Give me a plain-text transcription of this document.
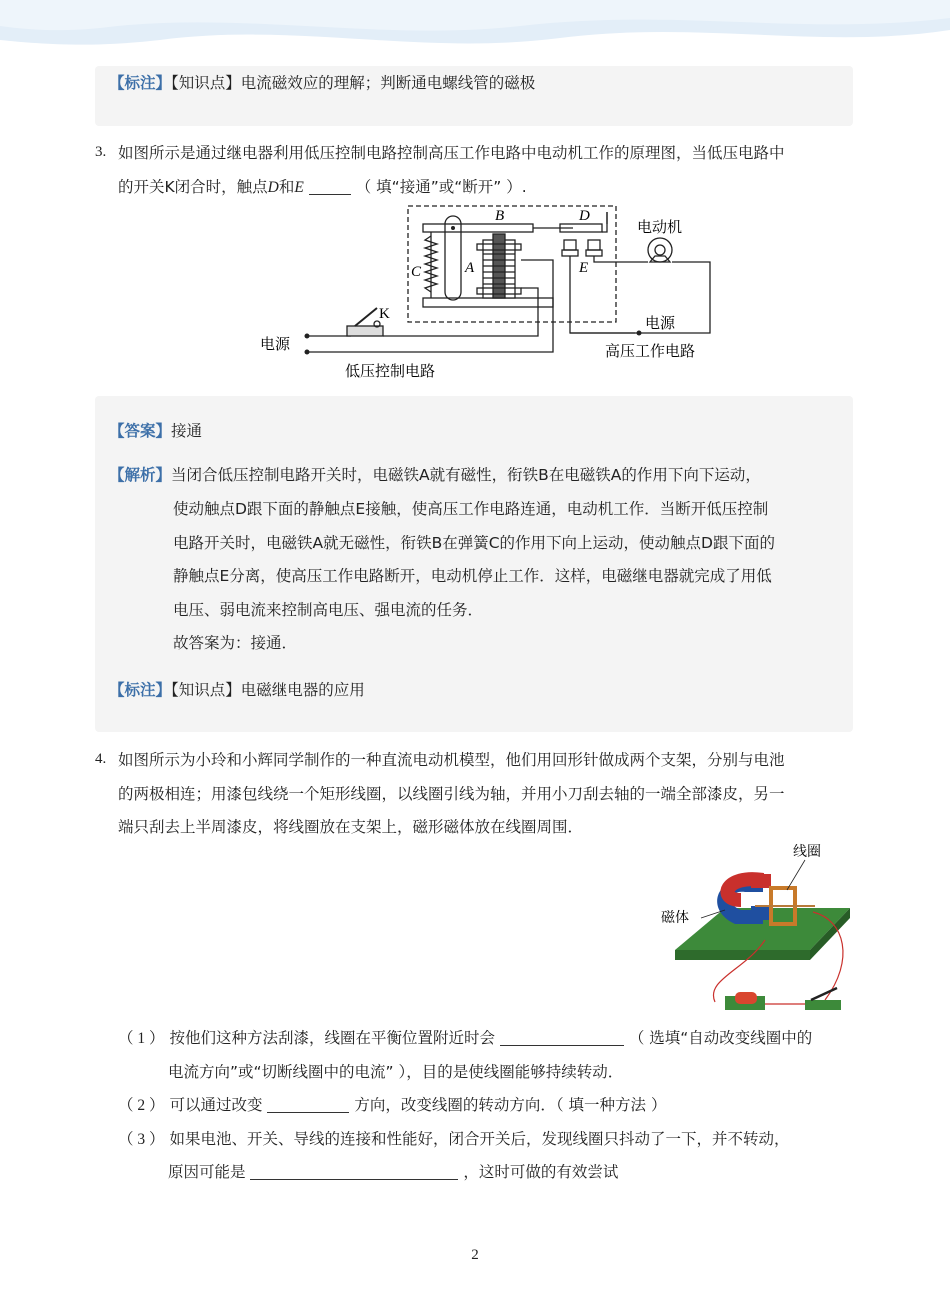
【标注】【知识点】电流磁效应的理解；判断通电螺线管的磁极
3. 如图所示是通过继电器利用低压控制电路控制高压工作电路中电动机工作的原理图，当低压电路中
的开关K闭合时，触点D和E	（ 填“接通”或“断开” ）.
B	D
C	A	E
K
电动机
电源
电源
高压工作电路
低压控制电路
【答案】接通
【解析】当闭合低压控制电路开关时，电磁铁A就有磁性，衔铁B在电磁铁A的作用下向下运动，
使动触点D跟下面的静触点E接触，使高压工作电路连通，电动机工作．当断开低压控制
电路开关时，电磁铁A就无磁性，衔铁B在弹簧C的作用下向上运动，使动触点D跟下面的
静触点E分离，使高压工作电路断开，电动机停止工作．这样，电磁继电器就完成了用低
电压、弱电流来控制高电压、强电流的任务．
故答案为：接通．
【标注】【知识点】电磁继电器的应用
4. 如图所示为小玲和小辉同学制作的一种直流电动机模型，他们用回形针做成两个支架，分别与电池
的两极相连；用漆包线绕一个矩形线圈，以线圈引线为轴，并用小刀刮去轴的一端全部漆皮，另一
端只刮去上半周漆皮，将线圈放在支架上，磁形磁体放在线圈周围．
线圈
磁体
（ 1 ） 按他们这种方法刮漆，线圈在平衡位置附近时会	（ 选填“自动改变线圈中的
电流方向”或“切断线圈中的电流” ），目的是使线圈能够持续转动．
（ 2 ） 可以通过改变	方向，改变线圈的转动方向．（ 填一种方法 ）
（ 3 ） 如果电池、开关、导线的连接和性能好，闭合开关后，发现线圈只抖动了一下，并不转动，
原因可能是	，这时可做的有效尝试
2
